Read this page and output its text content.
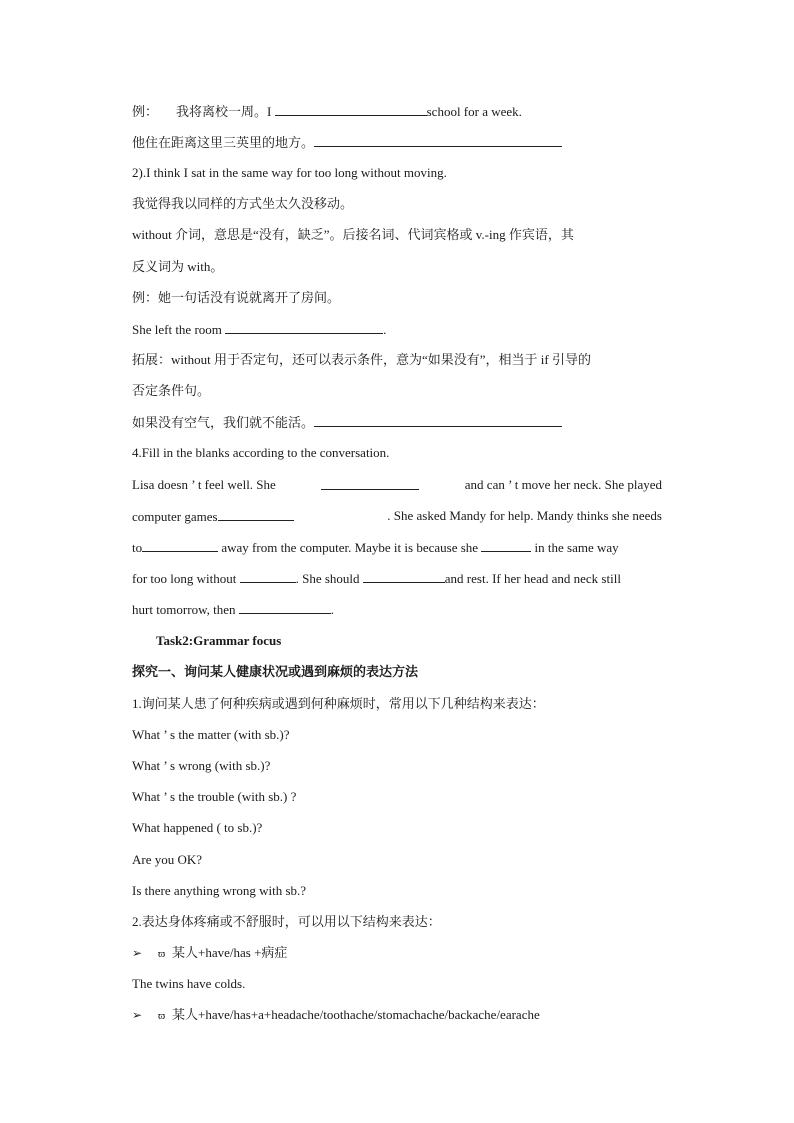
例： 我将离校一周。I	school for a week.
他住在距离这里三英里的地方。
2).I think I sat in the same way for too long without moving.
我觉得我以同样的方式坐太久没移动。
without 介词，意思是“没有，缺乏”。后接名词、代词宾格或 v.-ing 作宾语，其
反义词为 with。
例：她一句话没有说就离开了房间。
She left the room	.
拓展：without 用于否定句，还可以表示条件，意为“如果没有”，相当于 if 引导的
否定条件句。
如果没有空气，我们就不能活。
4.Fill in the blanks according to the conversation.
Lisa doesn ’ t feel well. She	and can ’ t move her neck. She played
computer games	. She asked Mandy for help. Mandy thinks she needs
to	away from the computer. Maybe it is because she	in the same way
for too long without	. She should	and rest. If her head and neck still
hurt tomorrow, then	.
Task2:Grammar focus
探究一、询问某人健康状况或遇到麻烦的表达方法
1.询问某人患了何种疾病或遇到何种麻烦时，常用以下几种结构来表达：
What ’ s the matter (with sb.)?
What ’ s wrong (with sb.)?
What ’ s the trouble (with sb.) ?
What happened ( to sb.)?
Are you OK?
Is there anything wrong with sb.?
2.表达身体疼痛或不舒服时，可以用以下结构来表达：
➢ ϖ 某人+have/has +病症
The twins have colds.
➢ ϖ 某人+have/has+a+headache/toothache/stomachache/backache/earache
